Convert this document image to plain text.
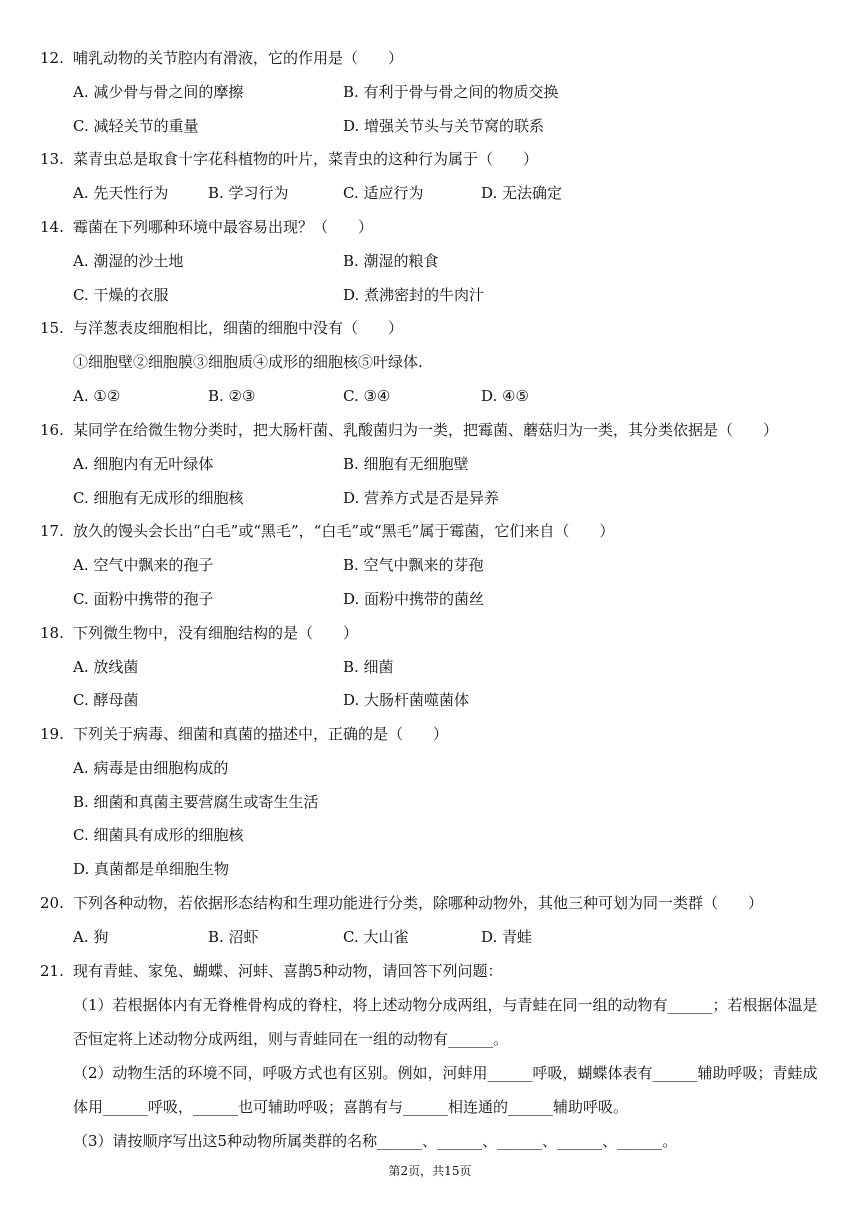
12. 哺乳动物的关节腔内有滑液，它的作用是（　　）
A. 减少骨与骨之间的摩擦	B. 有利于骨与骨之间的物质交换
C. 减轻关节的重量	D. 增强关节头与关节窝的联系
13. 菜青虫总是取食十字花科植物的叶片，菜青虫的这种行为属于（　　）
A. 先天性行为	B. 学习行为	C. 适应行为	D. 无法确定
14. 霉菌在下列哪种环境中最容易出现？（　　）
A. 潮湿的沙土地	B. 潮湿的粮食
C. 干燥的衣服	D. 煮沸密封的牛肉汁
15. 与洋葱表皮细胞相比，细菌的细胞中没有（　　）
①细胞壁②细胞膜③细胞质④成形的细胞核⑤叶绿体.
A. ①②	B. ②③	C. ③④	D. ④⑤
16. 某同学在给微生物分类时，把大肠杆菌、乳酸菌归为一类，把霉菌、蘑菇归为一类，其分类依据是（　　）
A. 细胞内有无叶绿体	B. 细胞有无细胞壁
C. 细胞有无成形的细胞核	D. 营养方式是否是异养
17. 放久的馒头会长出“白毛”或“黑毛”，“白毛”或“黑毛”属于霉菌，它们来自（　　）
A. 空气中飘来的孢子	B. 空气中飘来的芽孢
C. 面粉中携带的孢子	D. 面粉中携带的菌丝
18. 下列微生物中，没有细胞结构的是（　　）
A. 放线菌	B. 细菌
C. 酵母菌	D. 大肠杆菌噬菌体
19. 下列关于病毒、细菌和真菌的描述中，正确的是（　　）
A. 病毒是由细胞构成的
B. 细菌和真菌主要营腐生或寄生生活
C. 细菌具有成形的细胞核
D. 真菌都是单细胞生物
20. 下列各种动物，若依据形态结构和生理功能进行分类，除哪种动物外，其他三种可划为同一类群（　　）
A. 狗	B. 沼虾	C. 大山雀	D. 青蛙
21. 现有青蛙、家兔、蝴蝶、河蚌、喜鹊5种动物，请回答下列问题：
（1）若根据体内有无脊椎骨构成的脊柱，将上述动物分成两组，与青蛙在同一组的动物有______；若根据体温是
否恒定将上述动物分成两组，则与青蛙同在一组的动物有______。
（2）动物生活的环境不同，呼吸方式也有区别。例如，河蚌用______呼吸，蝴蝶体表有______辅助呼吸；青蛙成
体用______呼吸，______也可辅助呼吸；喜鹊有与______相连通的______辅助呼吸。
（3）请按顺序写出这5种动物所属类群的名称______、______、______、______、______。
第2页，共15页
